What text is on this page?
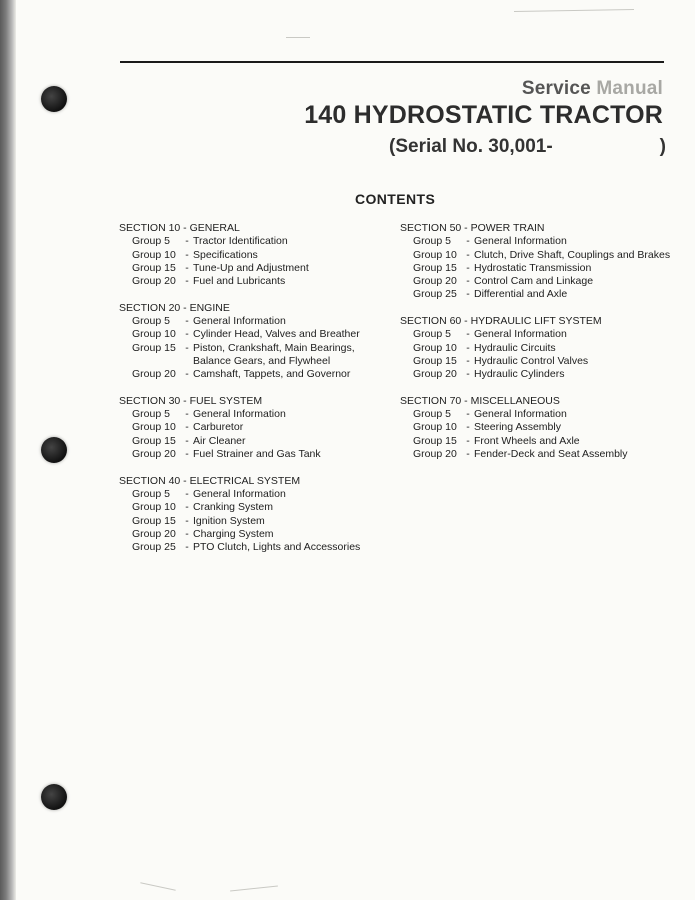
Service Manual
140 HYDROSTATIC TRACTOR
(Serial No. 30,001-	)
CONTENTS
SECTION 10 - GENERAL
Group 5	- Tractor Identification
Group 10 - Specifications
Group 15 - Tune-Up and Adjustment
Group 20 - Fuel and Lubricants
SECTION 20 - ENGINE
Group 5	- General Information
Group 10 - Cylinder Head, Valves and Breather
Group 15 - Piston, Crankshaft, Main Bearings, Balance Gears, and Flywheel
Group 20 - Camshaft, Tappets, and Governor
SECTION 30 - FUEL SYSTEM
Group 5	- General Information
Group 10 - Carburetor
Group 15 - Air Cleaner
Group 20 - Fuel Strainer and Gas Tank
SECTION 40 - ELECTRICAL SYSTEM
Group 5	- General Information
Group 10 - Cranking System
Group 15 - Ignition System
Group 20 - Charging System
Group 25 - PTO Clutch, Lights and Accessories
SECTION 50 - POWER TRAIN
Group 5	- General Information
Group 10 - Clutch, Drive Shaft, Couplings and Brakes
Group 15 - Hydrostatic Transmission
Group 20 - Control Cam and Linkage
Group 25 - Differential and Axle
SECTION 60 - HYDRAULIC LIFT SYSTEM
Group 5	- General Information
Group 10 - Hydraulic Circuits
Group 15 - Hydraulic Control Valves
Group 20 - Hydraulic Cylinders
SECTION 70 - MISCELLANEOUS
Group 5	- General Information
Group 10 - Steering Assembly
Group 15 - Front Wheels and Axle
Group 20 - Fender-Deck and Seat Assembly
